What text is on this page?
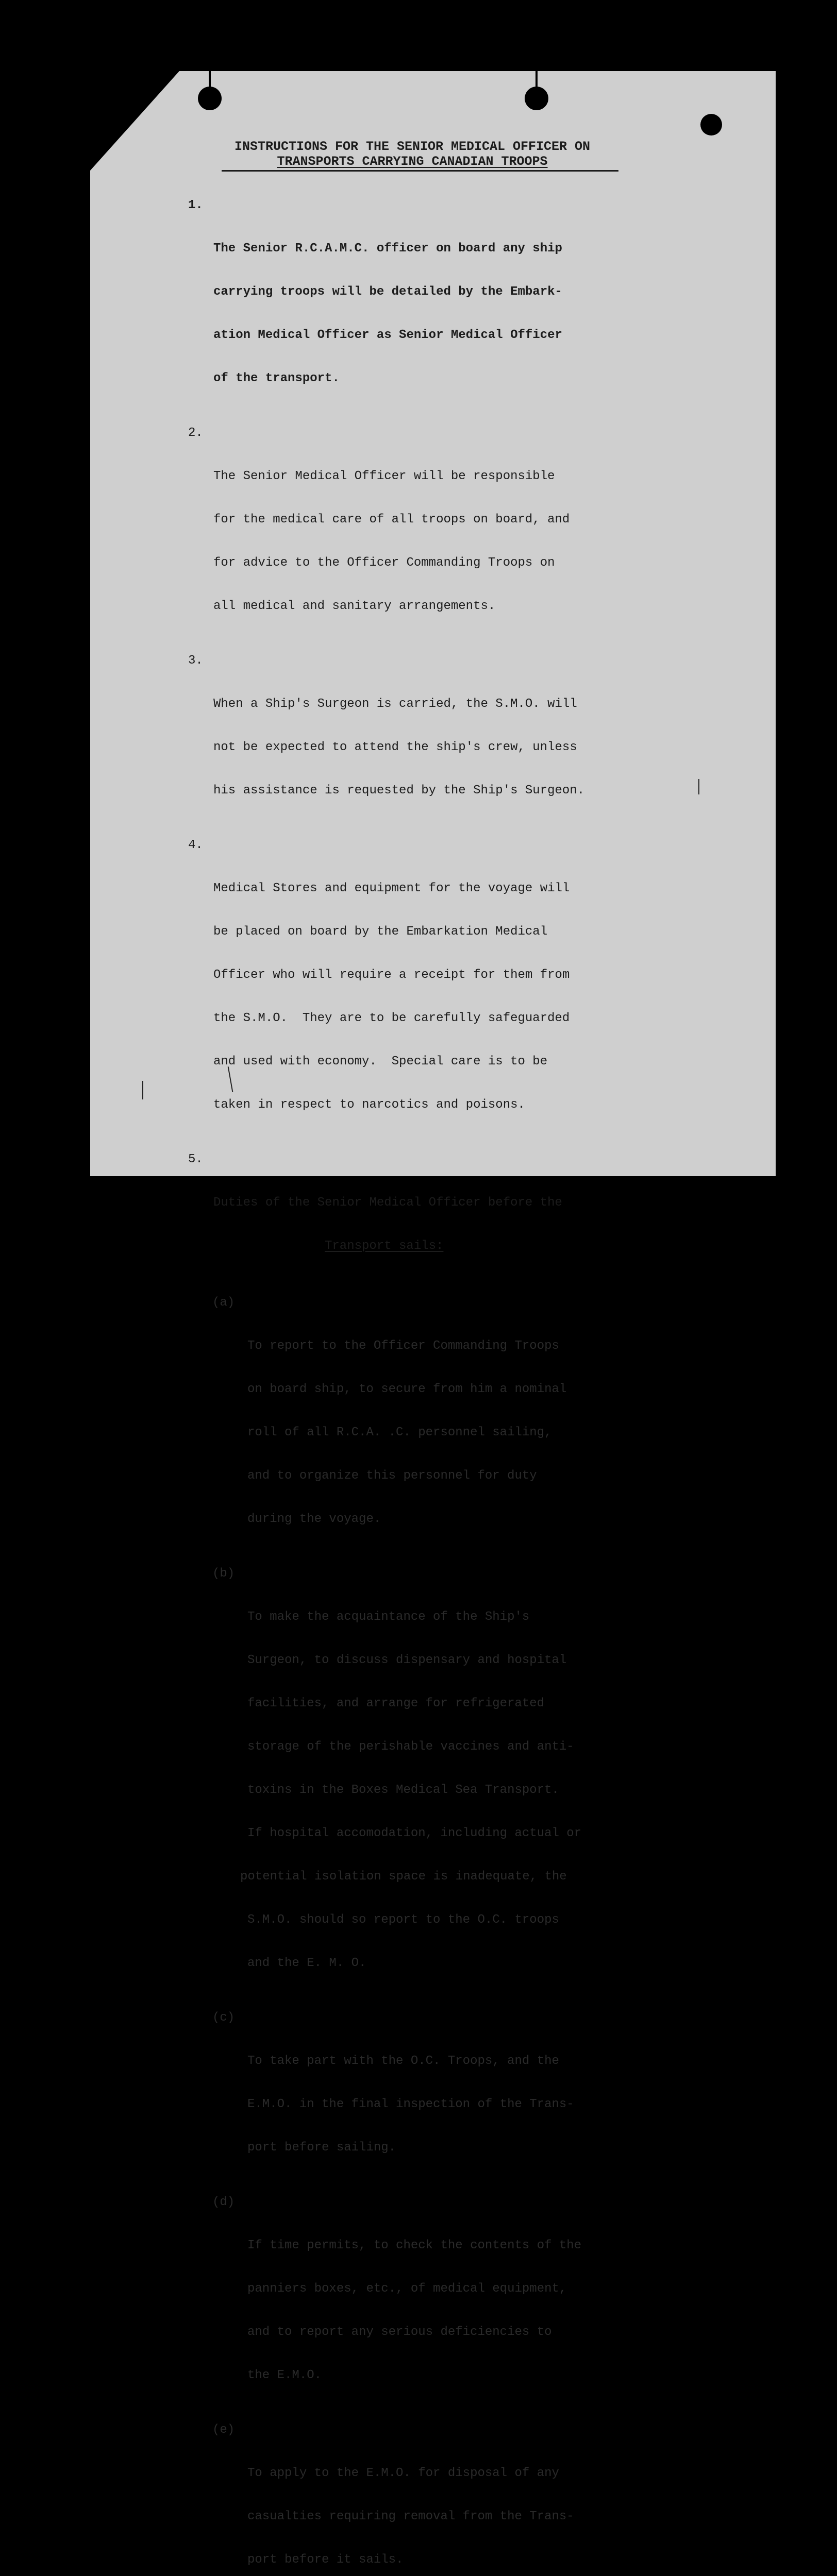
INSTRUCTIONS FOR THE SENIOR MEDICAL OFFICER ON
TRANSPORTS CARRYING CANADIAN TROOPS

1.

The Senior R.C.A.M.C. officer on board any ship

carrying troops will be detailed by the Embark-

ation Medical Officer as Senior Medical Officer

of the transport.

2.

The Senior Medical Officer will be responsible

for the medical care of all troops on board, and

for advice to the Officer Commanding Troops on

all medical and sanitary arrangements.

3.

When a Ship's Surgeon is carried, the S.M.O. will

not be expected to attend the ship's crew, unless

his assistance is requested by the Ship's Surgeon.

4.

Medical Stores and equipment for the voyage will

be placed on board by the Embarkation Medical

Officer who will require a receipt for them from

the S.M.O.  They are to be carefully safeguarded

and used with economy.  Special care is to be

taken in respect to narcotics and poisons.

5.

Duties of the Senior Medical Officer before the

Transport sails:

(a)

To report to the Officer Commanding Troops

on board ship, to secure from him a nominal

roll of all R.C.A. .C. personnel sailing,

and to organize this personnel for duty

during the voyage.

(b)

To make the acquaintance of the Ship's

Surgeon, to discuss dispensary and hospital

facilities, and arrange for refrigerated

storage of the perishable vaccines and anti-

toxins in the Boxes Medical Sea Transport.

If hospital accomodation, including actual or

potential isolation space is inadequate, the

S.M.O. should so report to the O.C. troops

and the E. M. O.

(c)

To take part with the O.C. Troops, and the

E.M.O. in the final inspection of the Trans-

port before sailing.

(d)

If time permits, to check the contents of the

panniers boxes, etc., of medical equipment,

and to report any serious deficiencies to

the E.M.O.

(e)

To apply to the E.M.O. for disposal of any

casualties requiring removal from the Trans-

port before it sails.
